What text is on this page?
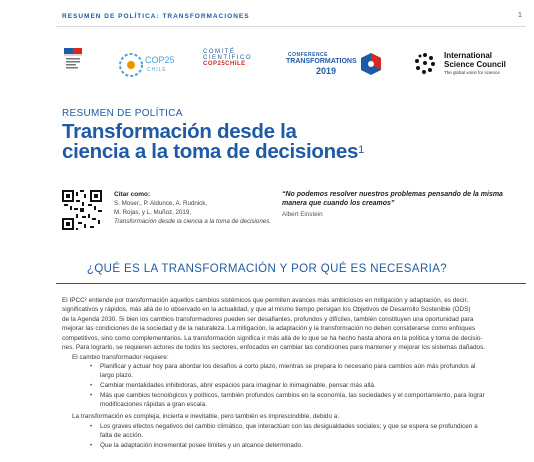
RESUMEN DE POLÍTICA: TRANSFORMACIONES	1
COP25
CHILE
COMITÉ
CIENTÍFICO
COP25CHILE
CONFERENCE
TRANSFORMATIONS
2019
International
Science Council
The global voice for science
RESUMEN DE POLÍTICA
Transformación desde la
ciencia a la toma de decisiones$^1$
Citar como:
S. Moser., P. Aldunce, A. Rudnick,
M. Rojas, y L. Muñoz, 2019,
Transformación desde la ciencia a la toma de decisiones.
“No podemos resolver nuestros problemas pensando de la misma manera que cuando los creamos”
Albert Einstein
¿QUÉ ES LA TRANSFORMACIÓN Y POR QUÉ ES NECESARIA?
El IPCC² entiende por transformación aquellos cambios sistémicos que permiten avances más ambiciosos en mitigación y adaptación, es decir,
significativos y rápidos, más allá de lo observado en la actualidad, y que al mismo tiempo persigan los Objetivos de Desarrollo Sostenible (ODS)
de la Agenda 2030. Si bien los cambios transformadores pueden ser desafiantes, profundos y difíciles, también constituyen una oportunidad para
mejorar las condiciones de la sociedad y de la naturaleza. La mitigación, la adaptación y la transformación no deben considerarse como enfoques
competitivos, sino como complementarios. La transformación significa ir más allá de lo que se ha hecho hasta ahora en la política y toma de decisio-
nes. Para lograrlo, se requieren actores de todos los sectores, enfocados en cambiar las condiciones para mantener y mejorar los sistemas dañados.
El cambio transformador requiere:
• Planificar y actuar hoy para abordar los desafíos a corto plazo, mientras se prepara lo necesario para cambios aún más profundos al
largo plazo.
• Cambiar mentalidades inhibidoras, abrir espacios para imaginar lo inimaginable, pensar más allá.
• Más que cambios tecnológicos y políticos, también profundos cambios en la economía, las sociedades y el comportamiento, para lograr
modificaciones rápidas a gran escala.
La transformación es compleja, incierta e inevitable, pero también es imprescindible, debido a:
• Los graves efectos negativos del cambio climático, que interactúan con las desigualdades sociales; y que se espera se profundicen a
falta de acción.
• Que la adaptación incremental posee límites y un alcance determinado.
